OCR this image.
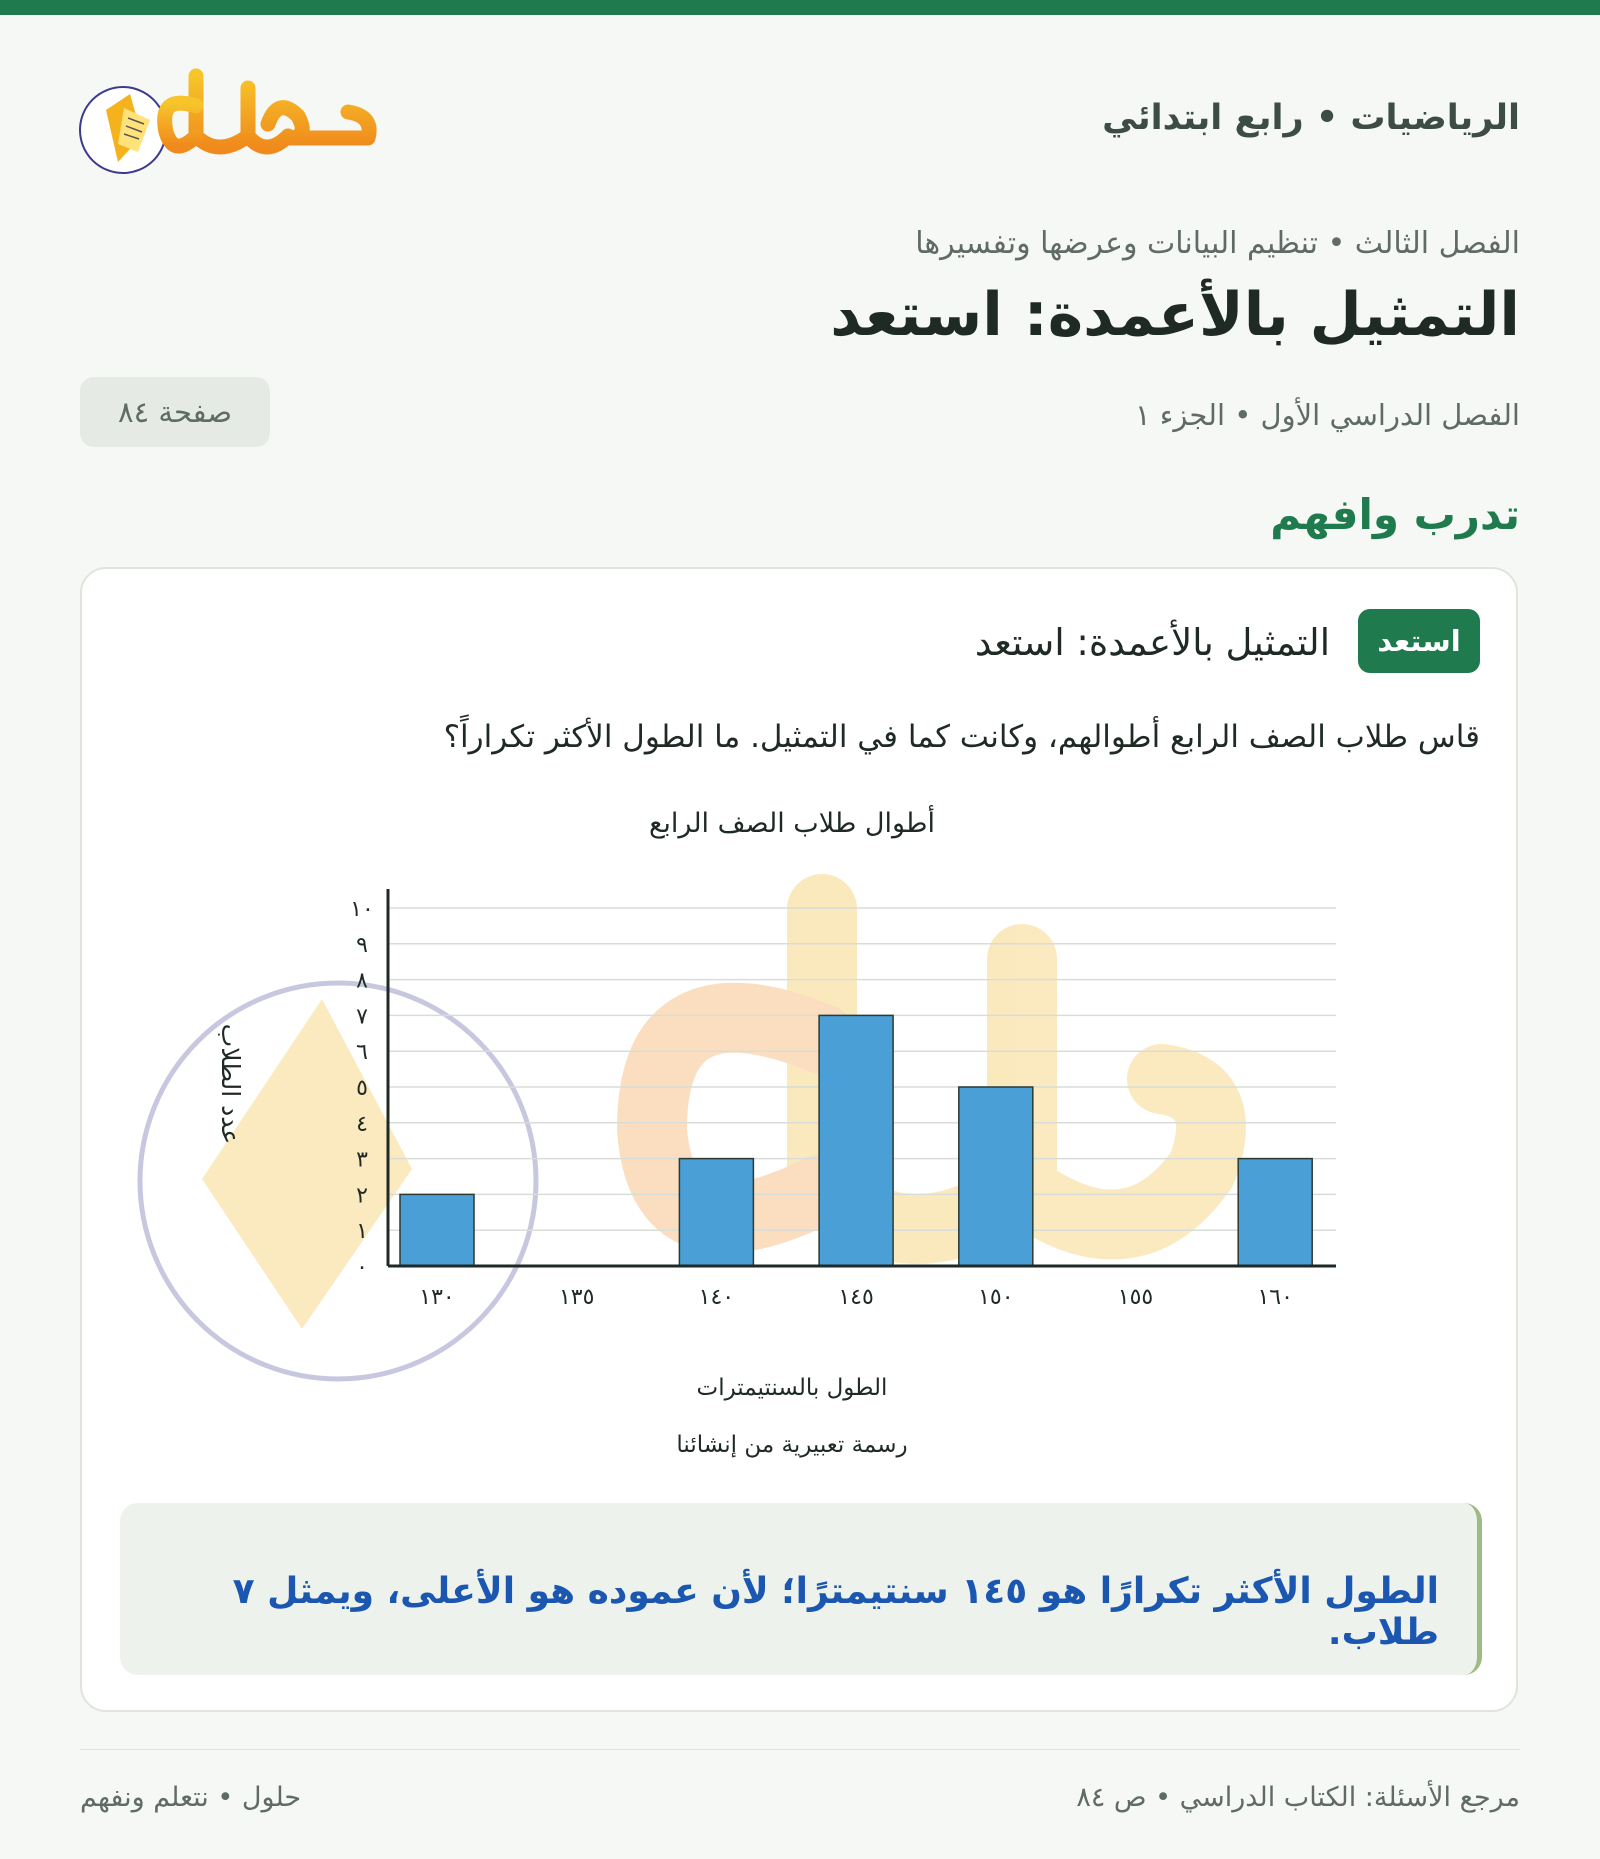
الرياضيات • رابع ابتدائي
الفصل الثالث • تنظيم البيانات وعرضها وتفسيرها
التمثيل بالأعمدة: استعد
الفصل الدراسي الأول • الجزء ١
صفحة ٨٤
تدرب وافهم
استعد
التمثيل بالأعمدة: استعد
قاس طلاب الصف الرابع أطوالهم، وكانت كما في التمثيل. ما الطول الأكثر تكراراً؟
أطوال طلاب الصف الرابع
٠
١
٢
٣
٤
٥
٦
٧
٨
٩
١٠
١٣٠	١٣٥	١٤٠	١٤٥	١٥٠	١٥٥	١٦٠
عدد الطلاب
الطول بالسنتيمترات
رسمة تعبيرية من إنشائنا
الطول الأكثر تكرارًا هو ١٤٥ سنتيمترًا؛ لأن عموده هو الأعلى، ويمثل ٧ طلاب.
مرجع الأسئلة: الكتاب الدراسي • ص ٨٤
حلول • نتعلم ونفهم
